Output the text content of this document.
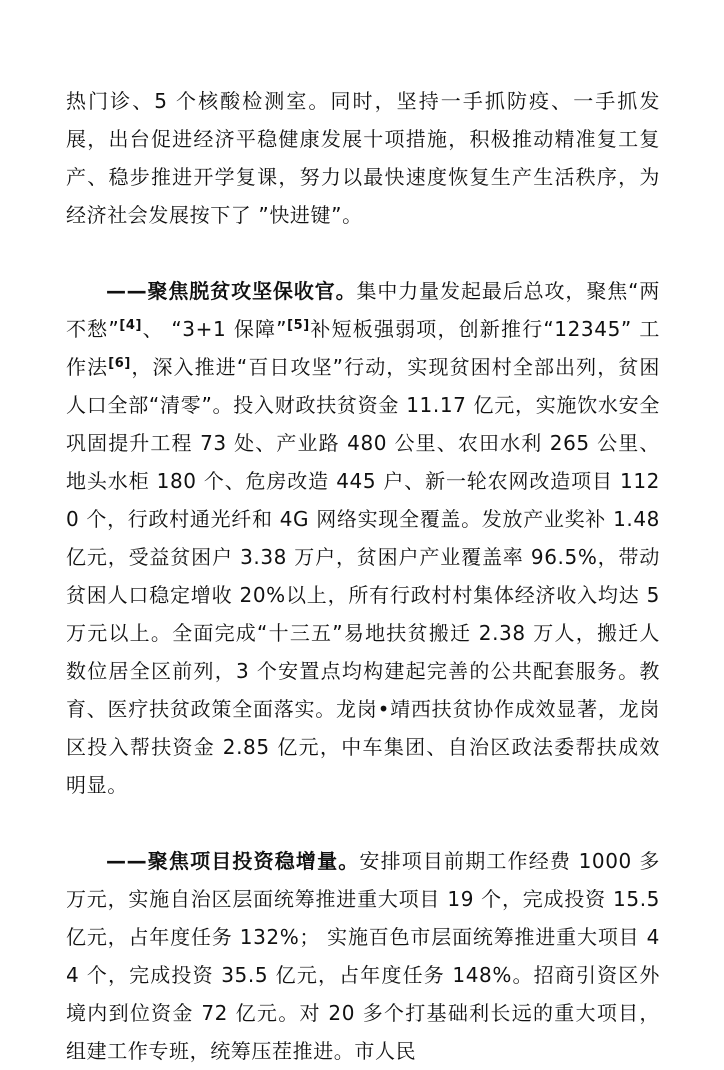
热门诊、5 个核酸检测室。同时，坚持一手抓防疫、一手抓发展，出台促进经济平稳健康发展十项措施，积极推动精准复工复产、稳步推进开学复课，努力以最快速度恢复生产生活秩序，为经济社会发展按下了 ”快进键”。

——聚焦脱贫攻坚保收官。集中力量发起最后总攻，聚焦“两不愁”[4]、 “3+1 保障”[5]补短板强弱项，创新推行“12345” 工作法[6]，深入推进“百日攻坚”行动，实现贫困村全部出列，贫困人口全部“清零”。投入财政扶贫资金 11.17 亿元，实施饮水安全巩固提升工程 73 处、产业路 480 公里、农田水利 265 公里、地头水柜 180 个、危房改造 445 户、新一轮农网改造项目 1120 个，行政村通光纤和 4G 网络实现全覆盖。发放产业奖补 1.48 亿元，受益贫困户 3.38 万户，贫困户产业覆盖率 96.5%，带动贫困人口稳定增收 20%以上，所有行政村村集体经济收入均达 5 万元以上。全面完成“十三五”易地扶贫搬迁 2.38 万人，搬迁人数位居全区前列，3 个安置点均构建起完善的公共配套服务。教育、医疗扶贫政策全面落实。龙岗•靖西扶贫协作成效显著，龙岗区投入帮扶资金 2.85 亿元，中车集团、自治区政法委帮扶成效明显。

——聚焦项目投资稳增量。安排项目前期工作经费 1000 多万元，实施自治区层面统筹推进重大项目 19 个，完成投资 15.5 亿元，占年度任务 132%； 实施百色市层面统筹推进重大项目 44 个，完成投资 35.5 亿元，占年度任务 148%。招商引资区外境内到位资金 72 亿元。对 20 多个打基础利长远的重大项目，组建工作专班，统筹压茬推进。市人民
